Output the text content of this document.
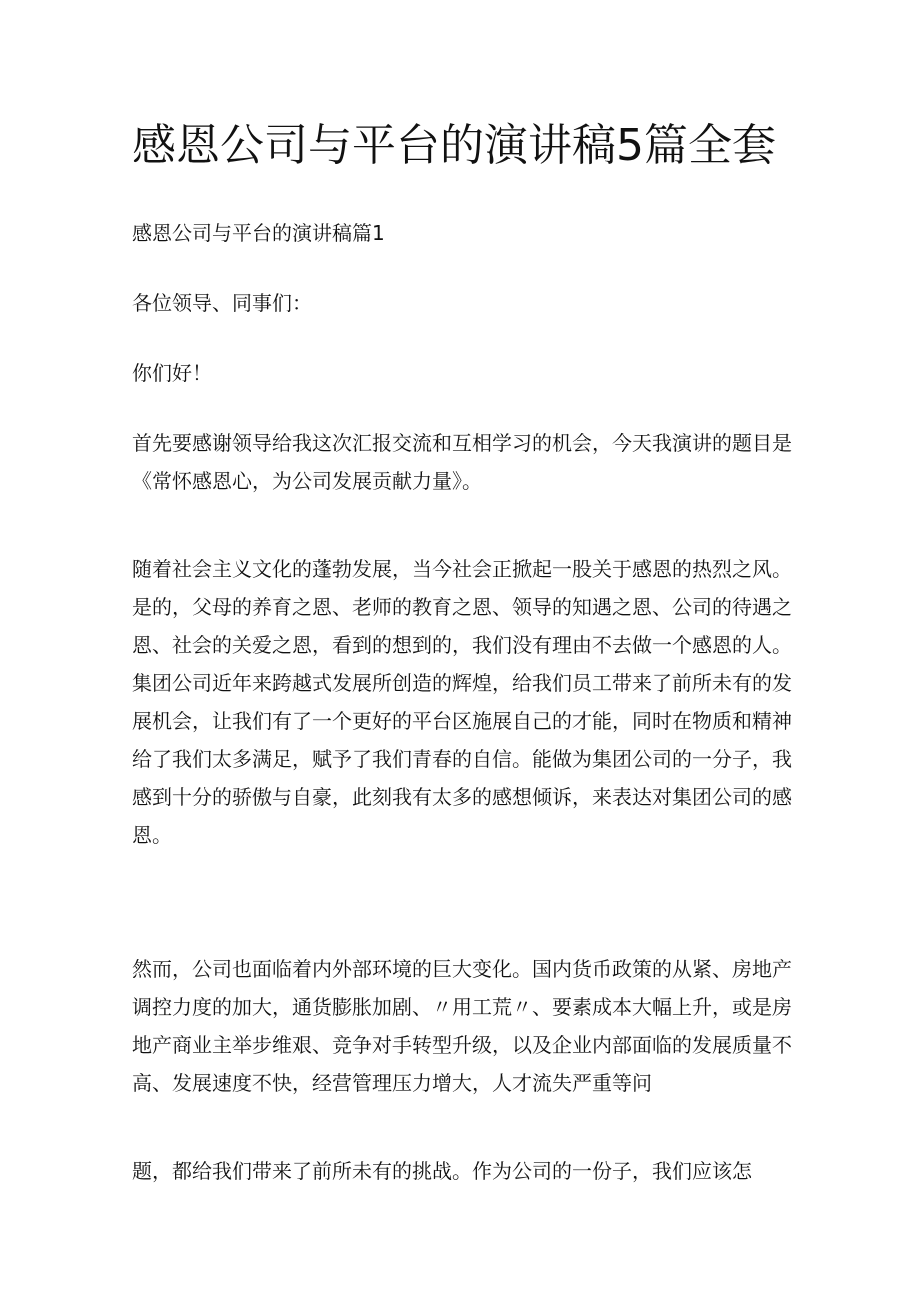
感恩公司与平台的演讲稿5篇全套

感恩公司与平台的演讲稿篇1

各位领导、同事们：

你们好！

首先要感谢领导给我这次汇报交流和互相学习的机会，今天我演讲的题目是
《常怀感恩心，为公司发展贡献力量》。

随着社会主义文化的蓬勃发展，当今社会正掀起一股关于感恩的热烈之风。
是的，父母的养育之恩、老师的教育之恩、领导的知遇之恩、公司的待遇之
恩、社会的关爱之恩，看到的想到的，我们没有理由不去做一个感恩的人。
集团公司近年来跨越式发展所创造的辉煌，给我们员工带来了前所未有的发
展机会，让我们有了一个更好的平台区施展自己的才能，同时在物质和精神
给了我们太多满足，赋予了我们青春的自信。能做为集团公司的一分子，我
感到十分的骄傲与自豪，此刻我有太多的感想倾诉，来表达对集团公司的感
恩。

然而，公司也面临着内外部环境的巨大变化。国内货币政策的从紧、房地产
调控力度的加大，通货膨胀加剧、〃用工荒〃、要素成本大幅上升，或是房
地产商业主举步维艰、竞争对手转型升级，以及企业内部面临的发展质量不
高、发展速度不快，经营管理压力增大，人才流失严重等问

题，都给我们带来了前所未有的挑战。作为公司的一份子，我们应该怎
